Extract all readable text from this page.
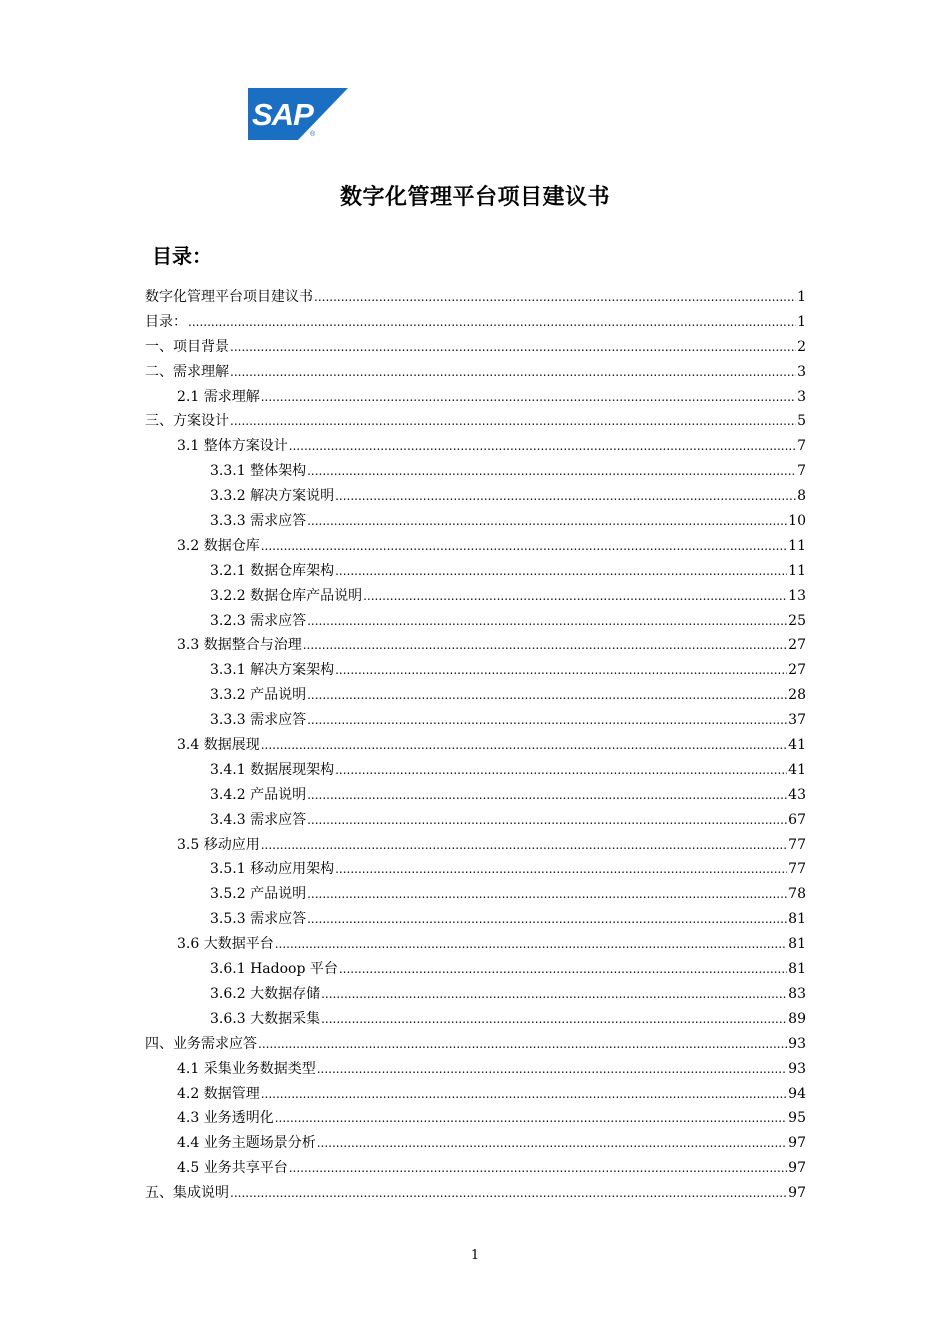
SAP
®
数字化管理平台项目建议书
目录：
数字化管理平台项目建议书 .....	1
目录： .....	1
一、项目背景 .....	2
二、需求理解 .....	3
2.1 需求理解 .....	3
三、方案设计 .....	5
3.1 整体方案设计 .....	7
3.3.1 整体架构 .....	7
3.3.2 解决方案说明 .....	8
3.3.3 需求应答 .....	10
3.2 数据仓库 .....	11
3.2.1 数据仓库架构 .....	11
3.2.2 数据仓库产品说明 .....	13
3.2.3 需求应答 .....	25
3.3 数据整合与治理 .....	27
3.3.1 解决方案架构 .....	27
3.3.2 产品说明 .....	28
3.3.3 需求应答 .....	37
3.4 数据展现 .....	41
3.4.1 数据展现架构 .....	41
3.4.2 产品说明 .....	43
3.4.3 需求应答 .....	67
3.5 移动应用 .....	77
3.5.1 移动应用架构 .....	77
3.5.2 产品说明 .....	78
3.5.3 需求应答 .....	81
3.6 大数据平台 .....	81
3.6.1 Hadoop 平台 .....	81
3.6.2 大数据存储 .....	83
3.6.3 大数据采集 .....	89
四、业务需求应答 .....	93
4.1 采集业务数据类型 .....	93
4.2 数据管理 .....	94
4.3 业务透明化 .....	95
4.4 业务主题场景分析 .....	97
4.5 业务共享平台 .....	97
五、集成说明 .....	97
1
